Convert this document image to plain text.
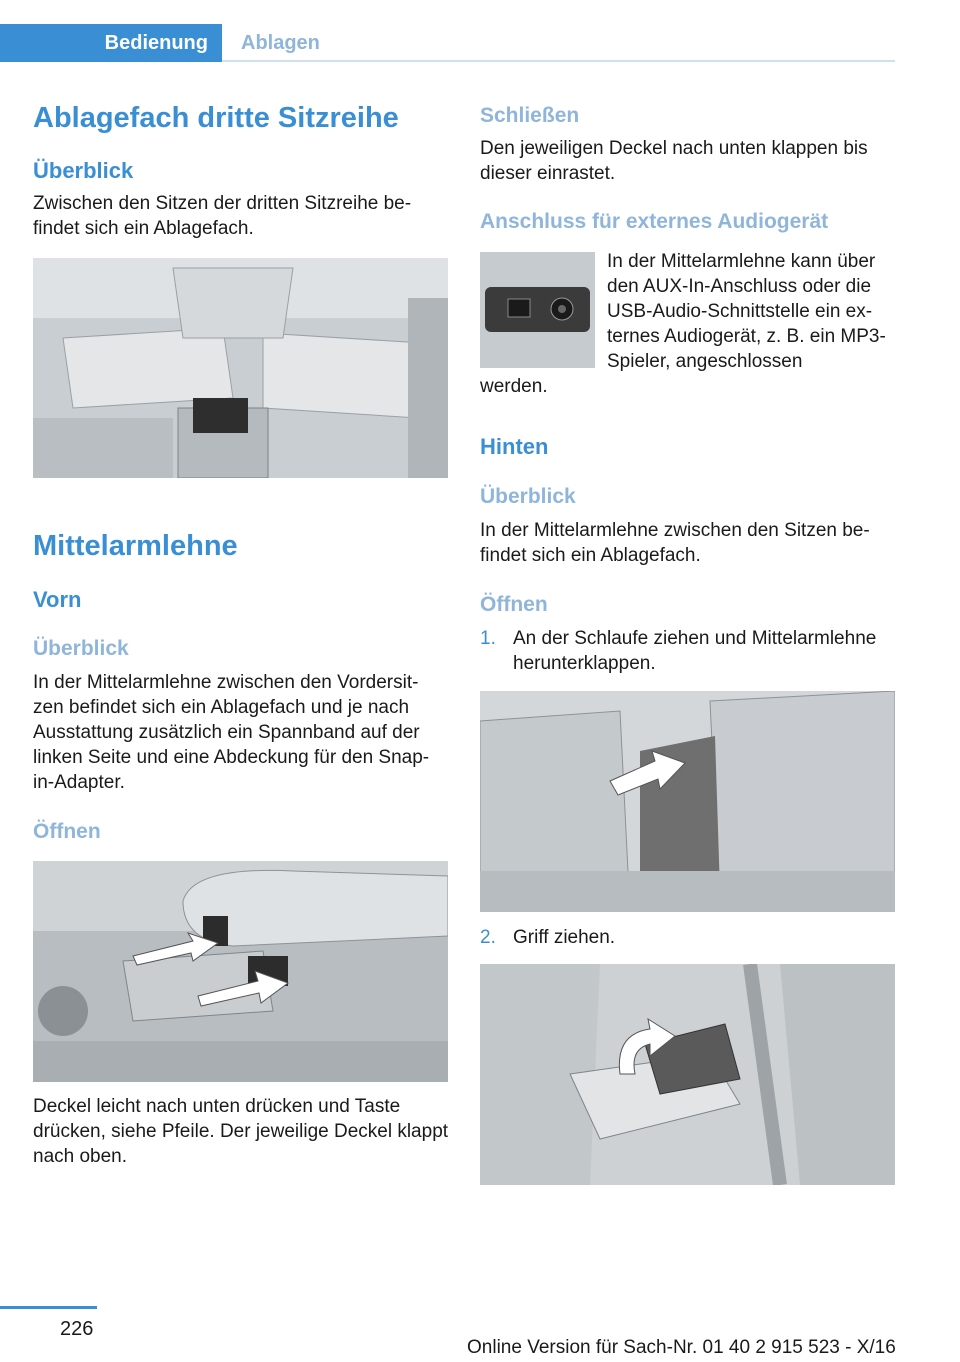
Bedienung	Ablagen
Ablagefach dritte Sitzreihe
Überblick
Zwischen den Sitzen der dritten Sitzreihe be‐ findet sich ein Ablagefach.
Mittelarmlehne
Vorn
Überblick
In der Mittelarmlehne zwischen den Vordersit‐ zen befindet sich ein Ablagefach und je nach Ausstattung zusätzlich ein Spannband auf der linken Seite und eine Abdeckung für den Snap-in-Adapter.
Öffnen
Deckel leicht nach unten drücken und Taste drücken, siehe Pfeile. Der jeweilige Deckel klappt nach oben.
Schließen
Den jeweiligen Deckel nach unten klappen bis dieser einrastet.
Anschluss für externes Audiogerät
In der Mittelarmlehne kann über den AUX-In-Anschluss oder die USB-Audio-Schnittstelle ein ex‐ ternes Audiogerät, z. B. ein MP3-Spieler, angeschlossen
werden.
Hinten
Überblick
In der Mittelarmlehne zwischen den Sitzen be‐ findet sich ein Ablagefach.
Öffnen
1. An der Schlaufe ziehen und Mittelarmlehne herunterklappen.
2. Griff ziehen.
226
Online Version für Sach-Nr. 01 40 2 915 523 - X/16
